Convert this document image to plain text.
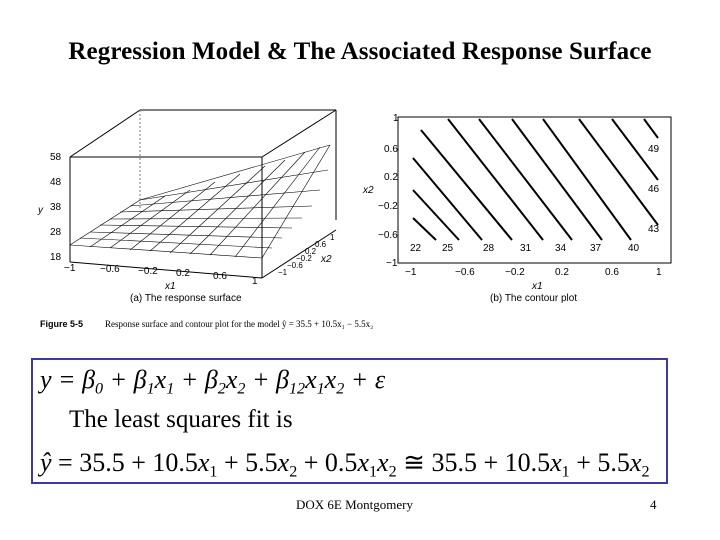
Regression Model & The Associated Response Surface
y
58
48
38
28
18
−1 −0.6 −0.2 0.2 0.6	1
x1
1
0.6
0.2
−0.2
−0.6
−1
x2
(a) The response surface
1
0.6
0.2
−0.2
−0.6
−1
x2
−1	−0.6	−0.2	0.2	0.6	1
x1
22 25	28	31 34 37	40
43
46
49
(b) The contour plot
Figure 5-5 Response surface and contour plot for the model ŷ = 35.5 + 10.5x₁ − 5.5x₂
$y = \beta_0 + \beta_1x_1 + \beta_2x_2 + \beta_{12}x_1x_2 + \varepsilon$
The least squares fit is
ŷ = $35.5 + 10.5x_1 + 5.5x_2 + 0.5x_1x_2$ ≅ $35.5 + 10.5x_1 + 5.5x_2$
DOX 6E Montgomery	4
